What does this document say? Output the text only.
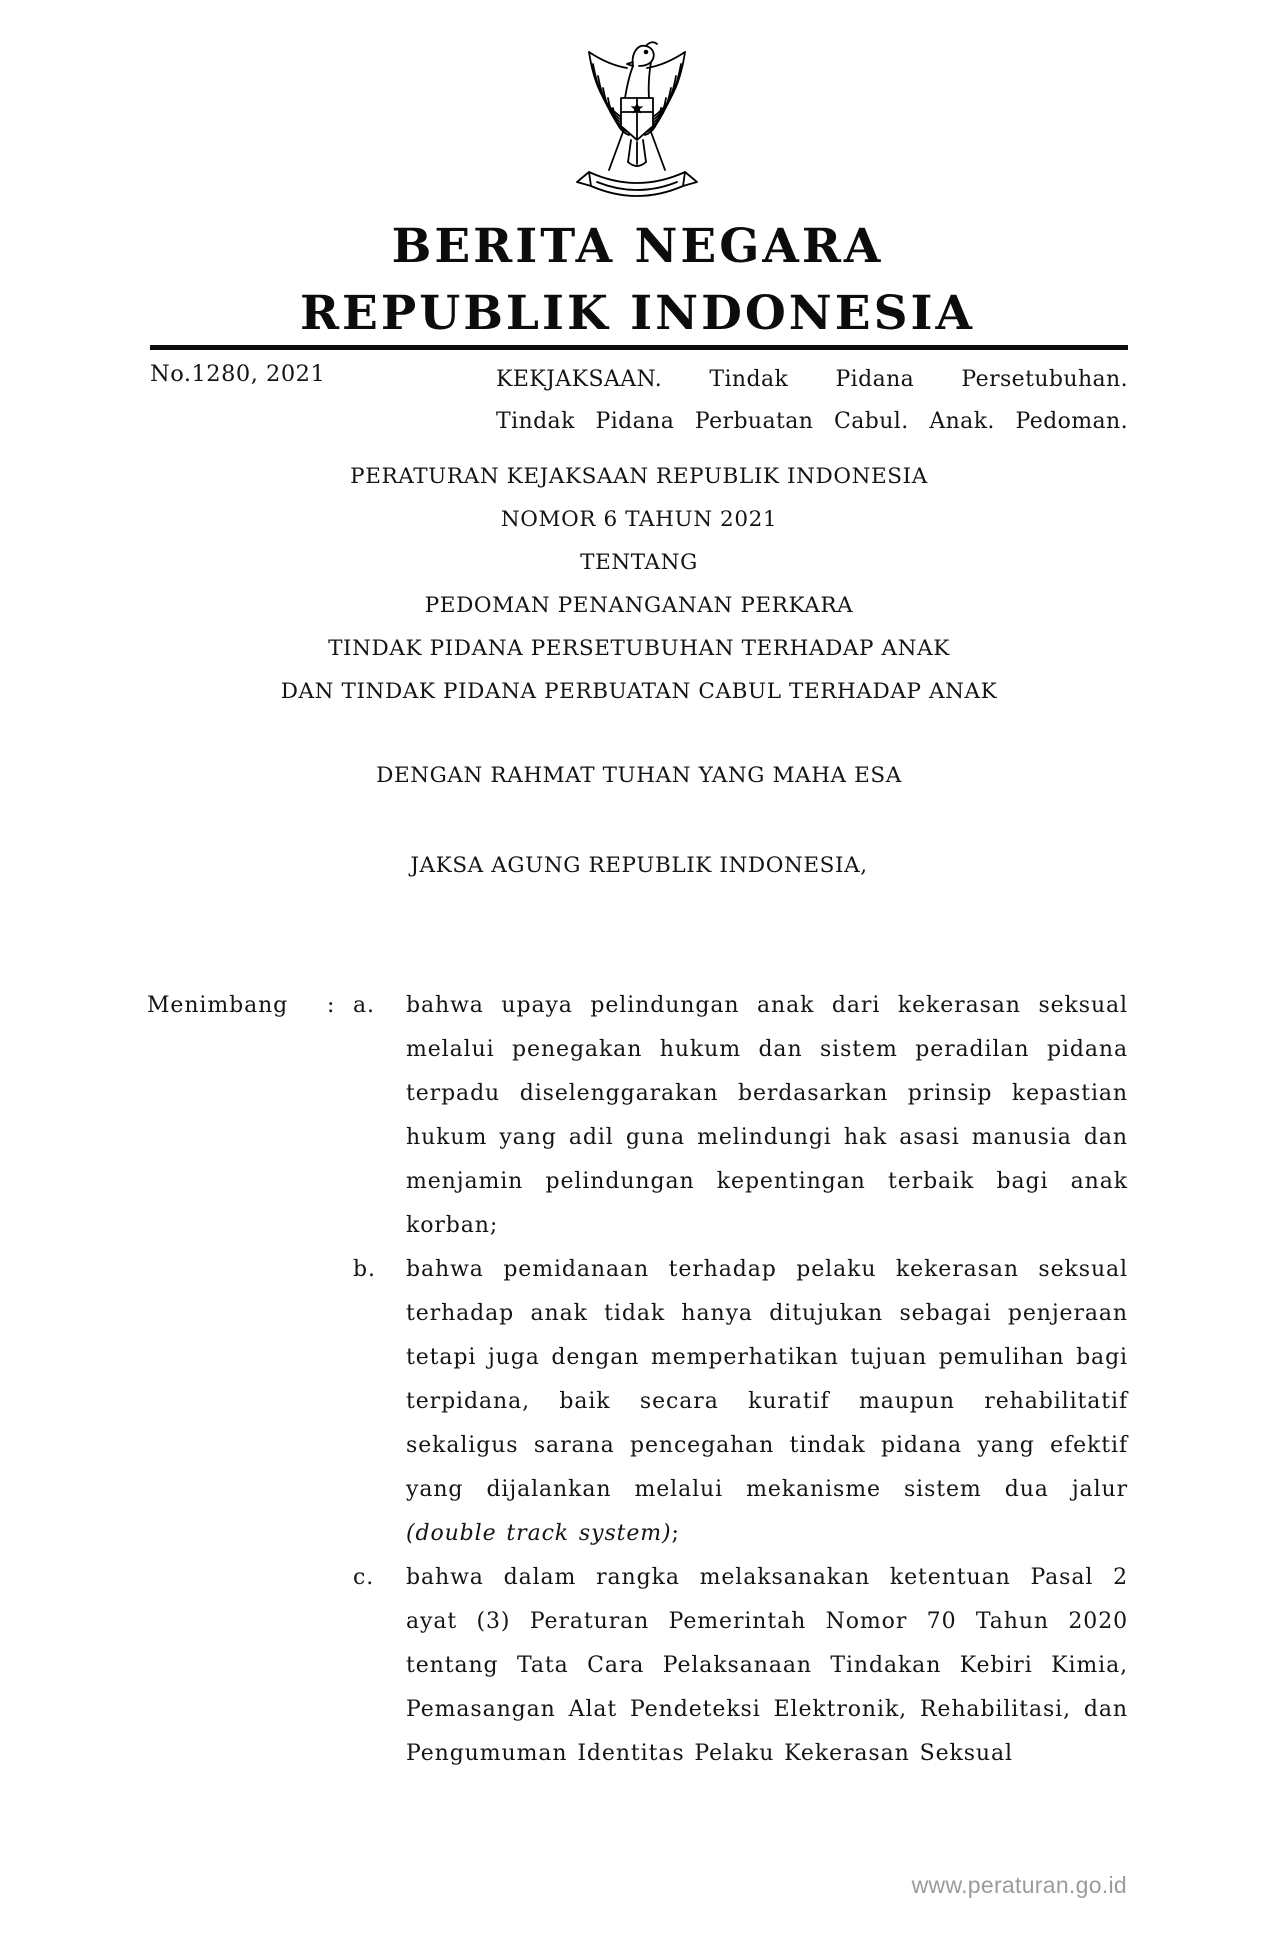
BERITA NEGARA
REPUBLIK INDONESIA
No.1280, 2021	KEKJAKSAAN. Tindak Pidana Persetubuhan.
Tindak Pidana Perbuatan Cabul. Anak. Pedoman.
PERATURAN KEJAKSAAN REPUBLIK INDONESIA
NOMOR 6 TAHUN 2021
TENTANG
PEDOMAN PENANGANAN PERKARA
TINDAK PIDANA PERSETUBUHAN TERHADAP ANAK
DAN TINDAK PIDANA PERBUATAN CABUL TERHADAP ANAK
DENGAN RAHMAT TUHAN YANG MAHA ESA
JAKSA AGUNG REPUBLIK INDONESIA,
Menimbang	: a.	bahwa upaya pelindungan anak dari kekerasan seksual melalui penegakan hukum dan sistem peradilan pidana terpadu diselenggarakan berdasarkan prinsip kepastian hukum yang adil guna melindungi hak asasi manusia dan menjamin pelindungan kepentingan terbaik bagi anak korban;

b.	bahwa pemidanaan terhadap pelaku kekerasan seksual terhadap anak tidak hanya ditujukan sebagai penjeraan tetapi juga dengan memperhatikan tujuan pemulihan bagi terpidana, baik secara kuratif maupun rehabilitatif sekaligus sarana pencegahan tindak pidana yang efektif yang dijalankan melalui mekanisme sistem dua jalur (double track system);

c.	bahwa dalam rangka melaksanakan ketentuan Pasal 2 ayat (3) Peraturan Pemerintah Nomor 70 Tahun 2020 tentang Tata Cara Pelaksanaan Tindakan Kebiri Kimia, Pemasangan Alat Pendeteksi Elektronik, Rehabilitasi, dan Pengumuman Identitas Pelaku Kekerasan Seksual

www.peraturan.go.id
